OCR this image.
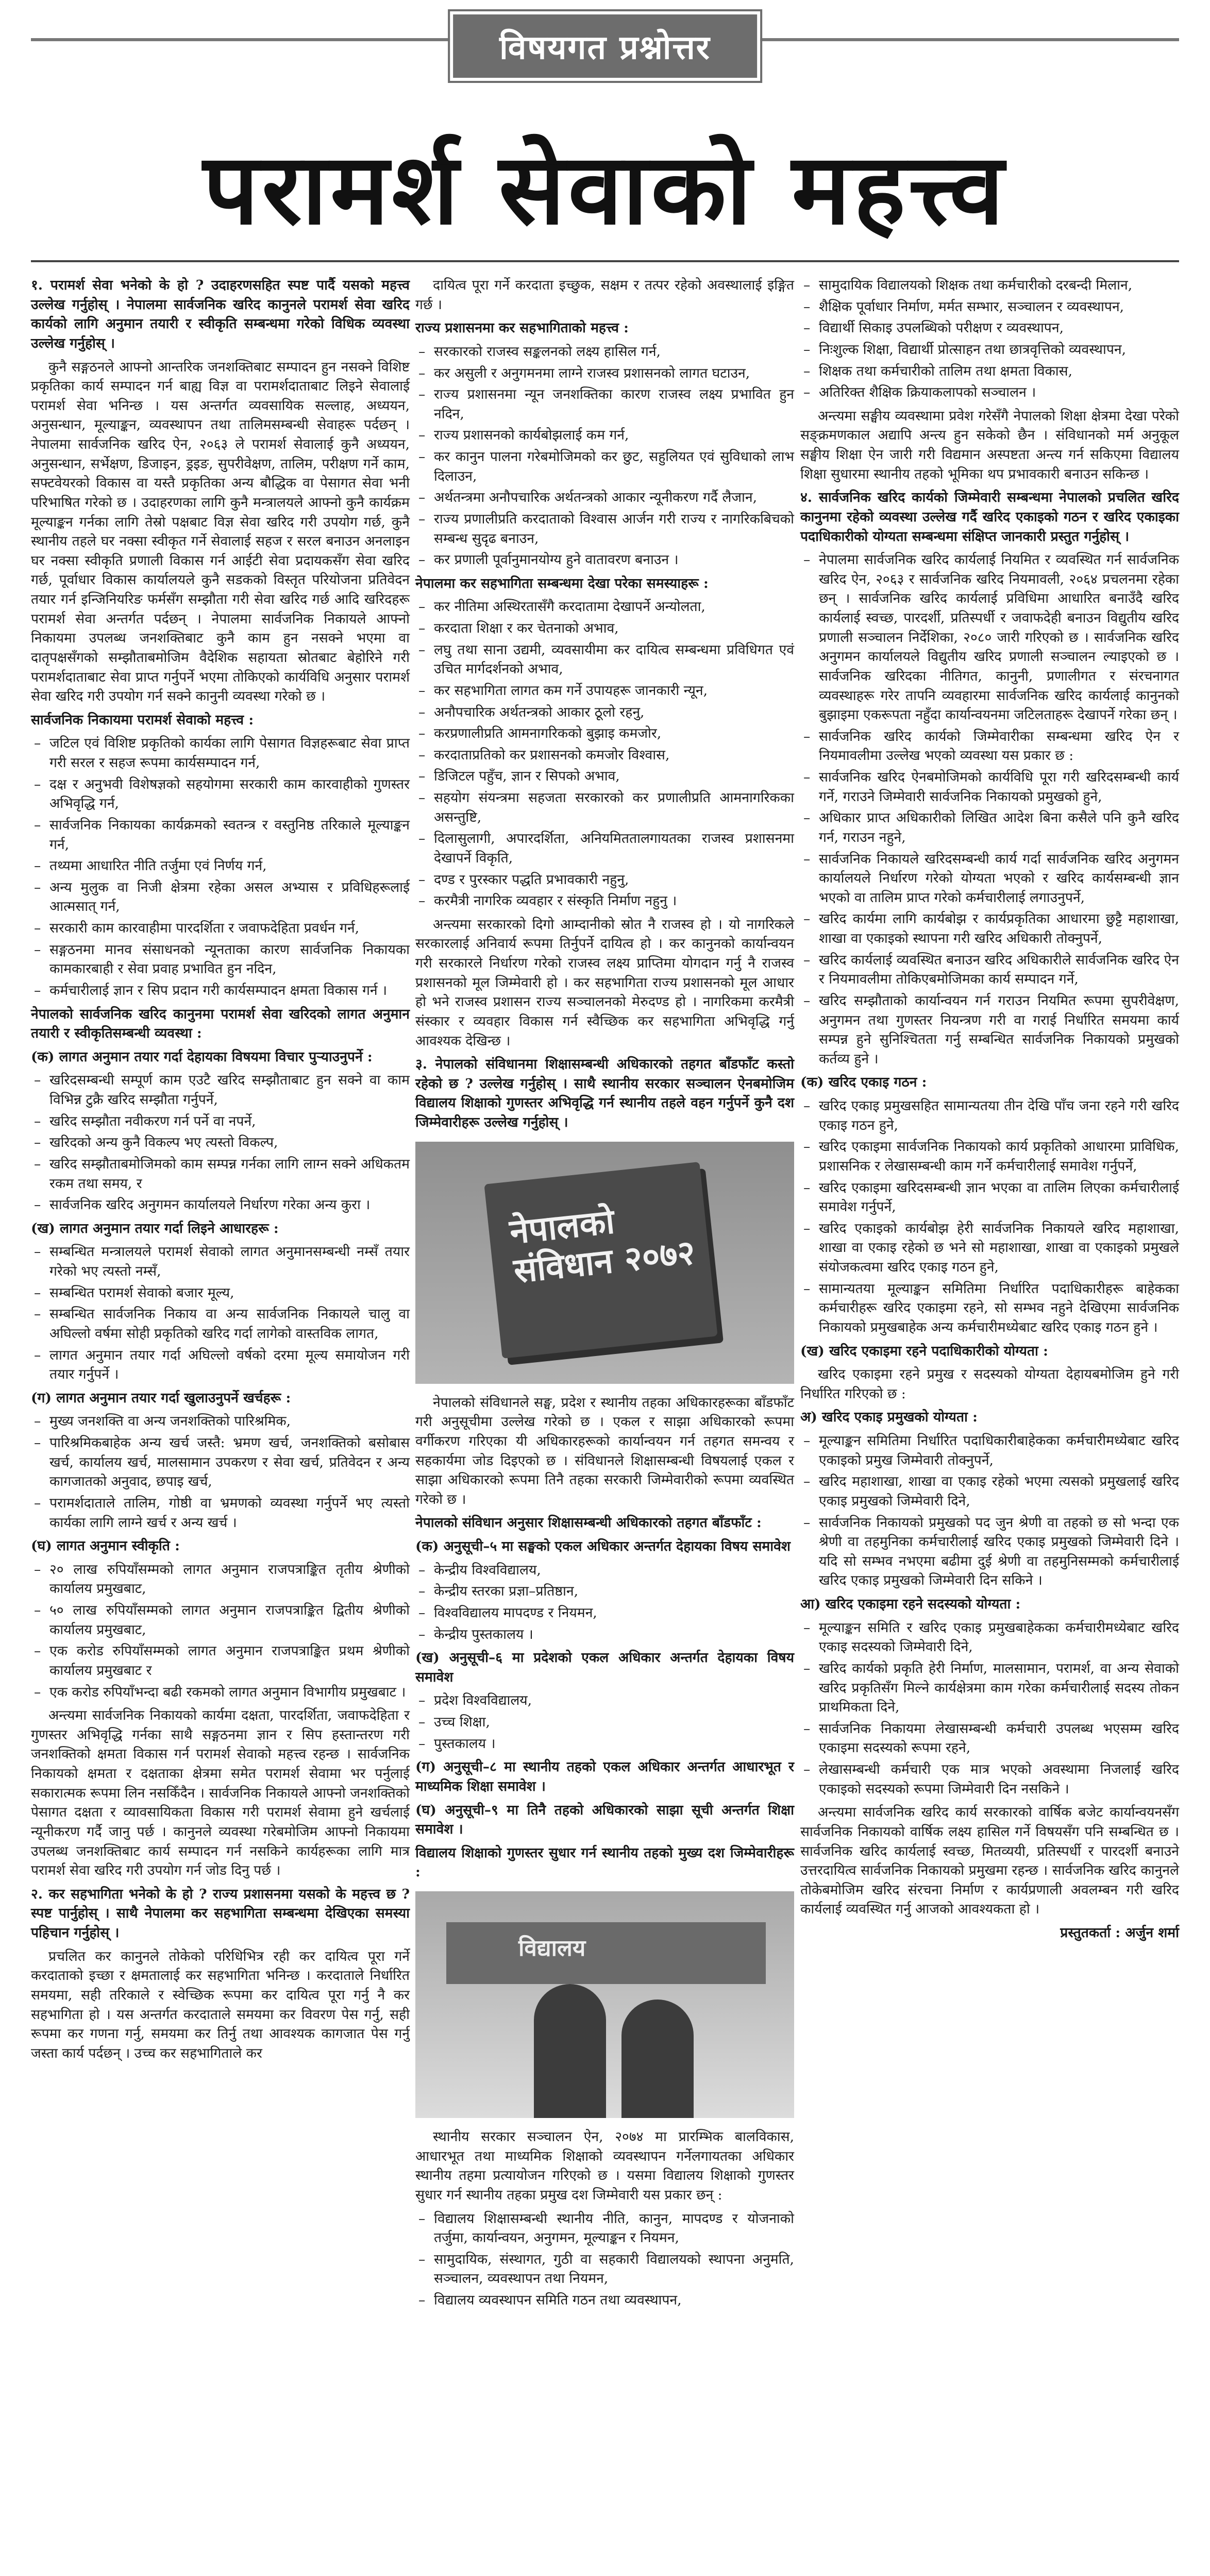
विषयगत प्रश्नोत्तर
परामर्श सेवाको महत्त्व

१. परामर्श सेवा भनेको के हो ? उदाहरणसहित स्पष्ट पार्दै यसको महत्त्व उल्लेख गर्नुहोस् । नेपालमा सार्वजनिक खरिद कानुनले परामर्श सेवा खरिद कार्यको लागि अनुमान तयारी र स्वीकृति सम्बन्धमा गरेको विधिक व्यवस्था उल्लेख गर्नुहोस् ।

कुनै सङ्गठनले आफ्नो आन्तरिक जनशक्तिबाट सम्पादन हुन नसक्ने विशिष्ट प्रकृतिका कार्य सम्पादन गर्न बाह्य विज्ञ वा परामर्शदाताबाट लिइने सेवालाई परामर्श सेवा भनिन्छ । यस अन्तर्गत व्यवसायिक सल्लाह, अध्ययन, अनुसन्धान, मूल्याङ्कन, व्यवस्थापन तथा तालिमसम्बन्धी सेवाहरू पर्दछन् । नेपालमा सार्वजनिक खरिद ऐन, २०६३ ले परामर्श सेवालाई कुनै अध्ययन, अनुसन्धान, सर्भेक्षण, डिजाइन, ड्रइङ, सुपरीवेक्षण, तालिम, परीक्षण गर्ने काम, सफ्टवेयरको विकास वा यस्तै प्रकृतिका अन्य बौद्धिक वा पेसागत सेवा भनी परिभाषित गरेको छ । उदाहरणका लागि कुनै मन्त्रालयले आफ्नो कुनै कार्यक्रम मूल्याङ्कन गर्नका लागि तेस्रो पक्षबाट विज्ञ सेवा खरिद गरी उपयोग गर्छ, कुनै स्थानीय तहले घर नक्सा स्वीकृत गर्ने सेवालाई सहज र सरल बनाउन अनलाइन घर नक्सा स्वीकृति प्रणाली विकास गर्न आईटी सेवा प्रदायकसँग सेवा खरिद गर्छ, पूर्वाधार विकास कार्यालयले कुनै सडकको विस्तृत परियोजना प्रतिवेदन तयार गर्न इन्जिनियरिङ फर्मसँग सम्झौता गरी सेवा खरिद गर्छ आदि खरिदहरू परामर्श सेवा अन्तर्गत पर्दछन् । नेपालमा सार्वजनिक निकायले आफ्नो निकायमा उपलब्ध जनशक्तिबाट कुनै काम हुन नसक्ने भएमा वा दातृपक्षसँगको सम्झौताबमोजिम वैदेशिक सहायता स्रोतबाट बेहोरिने गरी परामर्शदाताबाट सेवा प्राप्त गर्नुपर्ने भएमा तोकिएको कार्यविधि अनुसार परामर्श सेवा खरिद गरी उपयोग गर्न सक्ने कानुनी व्यवस्था गरेको छ ।

सार्वजनिक निकायमा परामर्श सेवाको महत्त्व :

– जटिल एवं विशिष्ट प्रकृतिको कार्यका लागि पेसागत विज्ञहरूबाट सेवा प्राप्त गरी सरल र सहज रूपमा कार्यसम्पादन गर्न,
– दक्ष र अनुभवी विशेषज्ञको सहयोगमा सरकारी काम कारवाहीको गुणस्तर अभिवृद्धि गर्न,
– सार्वजनिक निकायका कार्यक्रमको स्वतन्त्र र वस्तुनिष्ठ तरिकाले मूल्याङ्कन गर्न,
– तथ्यमा आधारित नीति तर्जुमा एवं निर्णय गर्न,
– अन्य मुलुक वा निजी क्षेत्रमा रहेका असल अभ्यास र प्रविधिहरूलाई आत्मसात् गर्न,
– सरकारी काम कारवाहीमा पारदर्शिता र जवाफदेहिता प्रवर्धन गर्न,
– सङ्गठनमा मानव संसाधनको न्यूनताका कारण सार्वजनिक निकायका कामकारबाही र सेवा प्रवाह प्रभावित हुन नदिन,
– कर्मचारीलाई ज्ञान र सिप प्रदान गरी कार्यसम्पादन क्षमता विकास गर्न ।

नेपालको सार्वजनिक खरिद कानुनमा परामर्श सेवा खरिदको लागत अनुमान तयारी र स्वीकृतिसम्बन्धी व्यवस्था :

(क) लागत अनुमान तयार गर्दा देहायका विषयमा विचार पुऱ्याउनुपर्ने :

– खरिदसम्बन्धी सम्पूर्ण काम एउटै खरिद सम्झौताबाट हुन सक्ने वा काम विभिन्न टुक्रै खरिद सम्झौता गर्नुपर्ने,
– खरिद सम्झौता नवीकरण गर्न पर्ने वा नपर्ने,
– खरिदको अन्य कुनै विकल्प भए त्यस्तो विकल्प,
– खरिद सम्झौताबमोजिमको काम सम्पन्न गर्नका लागि लाग्न सक्ने अधिकतम रकम तथा समय, र
– सार्वजनिक खरिद अनुगमन कार्यालयले निर्धारण गरेका अन्य कुरा ।

(ख) लागत अनुमान तयार गर्दा लिइने आधारहरू :

– सम्बन्धित मन्त्रालयले परामर्श सेवाको लागत अनुमानसम्बन्धी नम्सँ तयार गरेको भए त्यस्तो नम्सँ,
– सम्बन्धित परामर्श सेवाको बजार मूल्य,
– सम्बन्धित सार्वजनिक निकाय वा अन्य सार्वजनिक निकायले चालु वा अघिल्लो वर्षमा सोही प्रकृतिको खरिद गर्दा लागेको वास्तविक लागत,
– लागत अनुमान तयार गर्दा अघिल्लो वर्षको दरमा मूल्य समायोजन गरी तयार गर्नुपर्ने ।

(ग) लागत अनुमान तयार गर्दा खुलाउनुपर्ने खर्चहरू :

– मुख्य जनशक्ति वा अन्य जनशक्तिको पारिश्रमिक,
– पारिश्रमिकबाहेक अन्य खर्च जस्तै: भ्रमण खर्च, जनशक्तिको बसोबास खर्च, कार्यालय खर्च, मालसामान उपकरण र सेवा खर्च, प्रतिवेदन र अन्य कागजातको अनुवाद, छपाइ खर्च,
– परामर्शदाताले तालिम, गोष्ठी वा भ्रमणको व्यवस्था गर्नुपर्ने भए त्यस्तो कार्यका लागि लाग्ने खर्च र अन्य खर्च ।

(घ) लागत अनुमान स्वीकृति :

– २० लाख रुपियाँसम्मको लागत अनुमान राजपत्राङ्कित तृतीय श्रेणीको कार्यालय प्रमुखबाट,
– ५० लाख रुपियाँसम्मको लागत अनुमान राजपत्राङ्कित द्वितीय श्रेणीको कार्यालय प्रमुखबाट,
– एक करोड रुपियाँसम्मको लागत अनुमान राजपत्राङ्कित प्रथम श्रेणीको कार्यालय प्रमुखबाट र
– एक करोड रुपियाँभन्दा बढी रकमको लागत अनुमान विभागीय प्रमुखबाट ।

अन्त्यमा सार्वजनिक निकायको कार्यमा दक्षता, पारदर्शिता, जवाफदेहिता र गुणस्तर अभिवृद्धि गर्नका साथै सङ्गठनमा ज्ञान र सिप हस्तान्तरण गरी जनशक्तिको क्षमता विकास गर्न परामर्श सेवाको महत्त्व रहन्छ । सार्वजनिक निकायको क्षमता र दक्षताका क्षेत्रमा समेत परामर्श सेवामा भर पर्नुलाई सकारात्मक रूपमा लिन नसकिँदैन । सार्वजनिक निकायले आफ्नो जनशक्तिको पेसागत दक्षता र व्यावसायिकता विकास गरी परामर्श सेवामा हुने खर्चलाई न्यूनीकरण गर्दै जानु पर्छ । कानुनले व्यवस्था गरेबमोजिम आफ्नो निकायमा उपलब्ध जनशक्तिबाट कार्य सम्पादन गर्न नसकिने कार्यहरूका लागि मात्र परामर्श सेवा खरिद गरी उपयोग गर्न जोड दिनु पर्छ ।

२. कर सहभागिता भनेको के हो ? राज्य प्रशासनमा यसको के महत्त्व छ ? स्पष्ट पार्नुहोस् । साथै नेपालमा कर सहभागिता सम्बन्धमा देखिएका समस्या पहिचान गर्नुहोस् ।

प्रचलित कर कानुनले तोकेको परिधिभित्र रही कर दायित्व पूरा गर्ने करदाताको इच्छा र क्षमतालाई कर सहभागिता भनिन्छ । करदाताले निर्धारित समयमा, सही तरिकाले र स्वेच्छिक रूपमा कर दायित्व पूरा गर्नु नै कर सहभागिता हो । यस अन्तर्गत करदाताले समयमा कर विवरण पेस गर्नु, सही रूपमा कर गणना गर्नु, समयमा कर तिर्नु तथा आवश्यक कागजात पेस गर्नु जस्ता कार्य पर्दछन् । उच्च कर सहभागिताले कर

दायित्व पूरा गर्ने करदाता इच्छुक, सक्षम र तत्पर रहेको अवस्थालाई इङ्गित गर्छ ।

राज्य प्रशासनमा कर सहभागिताको महत्त्व :

– सरकारको राजस्व सङ्कलनको लक्ष्य हासिल गर्न,
– कर असुली र अनुगमनमा लाग्ने राजस्व प्रशासनको लागत घटाउन,
– राज्य प्रशासनमा न्यून जनशक्तिका कारण राजस्व लक्ष्य प्रभावित हुन नदिन,
– राज्य प्रशासनको कार्यबोझलाई कम गर्न,
– कर कानुन पालना गरेबमोजिमको कर छुट, सहुलियत एवं सुविधाको लाभ दिलाउन,
– अर्थतन्त्रमा अनौपचारिक अर्थतन्त्रको आकार न्यूनीकरण गर्दै लैजान,
– राज्य प्रणालीप्रति करदाताको विश्वास आर्जन गरी राज्य र नागरिकबिचको सम्बन्ध सुदृढ बनाउन,
– कर प्रणाली पूर्वानुमानयोग्य हुने वातावरण बनाउन ।

नेपालमा कर सहभागिता सम्बन्धमा देखा परेका समस्याहरू :

– कर नीतिमा अस्थिरतासँगै करदातामा देखापर्ने अन्योलता,
– करदाता शिक्षा र कर चेतनाको अभाव,
– लघु तथा साना उद्यमी, व्यवसायीमा कर दायित्व सम्बन्धमा प्रविधिगत एवं उचित मार्गदर्शनको अभाव,
– कर सहभागिता लागत कम गर्ने उपायहरू जानकारी न्यून,
– अनौपचारिक अर्थतन्त्रको आकार ठूलो रहनु,
– करप्रणालीप्रति आमनागरिकको बुझाइ कमजोर,
– करदाताप्रतिको कर प्रशासनको कमजोर विश्वास,
– डिजिटल पहुँच, ज्ञान र सिपको अभाव,
– सहयोग संयन्त्रमा सहजता सरकारको कर प्रणालीप्रति आमनागरिकका असन्तुष्टि,
– दिलासुलागी, अपारदर्शिता, अनियमिततालगायतका राजस्व प्रशासनमा देखापर्ने विकृति,
– दण्ड र पुरस्कार पद्धति प्रभावकारी नहुनु,
– करमैत्री नागरिक व्यवहार र संस्कृति निर्माण नहुनु ।

अन्त्यमा सरकारको दिगो आम्दानीको स्रोत नै राजस्व हो । यो नागरिकले सरकारलाई अनिवार्य रूपमा तिर्नुपर्ने दायित्व हो । कर कानुनको कार्यान्वयन गरी सरकारले निर्धारण गरेको राजस्व लक्ष्य प्राप्तिमा योगदान गर्नु नै राजस्व प्रशासनको मूल जिम्मेवारी हो । कर सहभागिता राज्य प्रशासनको मूल आधार हो भने राजस्व प्रशासन राज्य सञ्चालनको मेरुदण्ड हो । नागरिकमा करमैत्री संस्कार र व्यवहार विकास गर्न स्वैच्छिक कर सहभागिता अभिवृद्धि गर्नु आवश्यक देखिन्छ ।

३. नेपालको संविधानमा शिक्षासम्बन्धी अधिकारको तहगत बाँडफाँट कस्तो रहेको छ ? उल्लेख गर्नुहोस् । साथै स्थानीय सरकार सञ्चालन ऐनबमोजिम विद्यालय शिक्षाको गुणस्तर अभिवृद्धि गर्न स्थानीय तहले वहन गर्नुपर्ने कुनै दश जिम्मेवारीहरू उल्लेख गर्नुहोस् ।

नेपालको संविधान २०७२

नेपालको संविधानले सङ्घ, प्रदेश र स्थानीय तहका अधिकारहरूका बाँडफाँट गरी अनुसूचीमा उल्लेख गरेको छ । एकल र साझा अधिकारको रूपमा वर्गीकरण गरिएका यी अधिकारहरूको कार्यान्वयन गर्न तहगत समन्वय र सहकार्यमा जोड दिइएको छ । संविधानले शिक्षासम्बन्धी विषयलाई एकल र साझा अधिकारको रूपमा तिनै तहका सरकारी जिम्मेवारीको रूपमा व्यवस्थित गरेको छ ।

नेपालको संविधान अनुसार शिक्षासम्बन्धी अधिकारको तहगत बाँडफाँट :

(क) अनुसूची–५ मा सङ्घको एकल अधिकार अन्तर्गत देहायका विषय समावेश

– केन्द्रीय विश्वविद्यालय,
– केन्द्रीय स्तरका प्रज्ञा–प्रतिष्ठान,
– विश्वविद्यालय मापदण्ड र नियमन,
– केन्द्रीय पुस्तकालय ।

(ख) अनुसूची–६ मा प्रदेशको एकल अधिकार अन्तर्गत देहायका विषय समावेश

– प्रदेश विश्वविद्यालय,
– उच्च शिक्षा,
– पुस्तकालय ।

(ग) अनुसूची–८ मा स्थानीय तहको एकल अधिकार अन्तर्गत आधारभूत र माध्यमिक शिक्षा समावेश ।

(घ) अनुसूची–९ मा तिनै तहको अधिकारको साझा सूची अन्तर्गत शिक्षा समावेश ।

विद्यालय शिक्षाको गुणस्तर सुधार गर्न स्थानीय तहको मुख्य दश जिम्मेवारीहरू :

विद्यालय

स्थानीय सरकार सञ्चालन ऐन, २०७४ मा प्रारम्भिक बालविकास, आधारभूत तथा माध्यमिक शिक्षाको व्यवस्थापन गर्नेलगायतका अधिकार स्थानीय तहमा प्रत्यायोजन गरिएको छ । यसमा विद्यालय शिक्षाको गुणस्तर सुधार गर्न स्थानीय तहका प्रमुख दश जिम्मेवारी यस प्रकार छन् :

– विद्यालय शिक्षासम्बन्धी स्थानीय नीति, कानुन, मापदण्ड र योजनाको तर्जुमा, कार्यान्वयन, अनुगमन, मूल्याङ्कन र नियमन,
– सामुदायिक, संस्थागत, गुठी वा सहकारी विद्यालयको स्थापना अनुमति, सञ्चालन, व्यवस्थापन तथा नियमन,
– विद्यालय व्यवस्थापन समिति गठन तथा व्यवस्थापन,
– सामुदायिक विद्यालयको शिक्षक तथा कर्मचारीको दरबन्दी मिलान,
– शैक्षिक पूर्वाधार निर्माण, मर्मत सम्भार, सञ्चालन र व्यवस्थापन,
– विद्यार्थी सिकाइ उपलब्धिको परीक्षण र व्यवस्थापन,
– निःशुल्क शिक्षा, विद्यार्थी प्रोत्साहन तथा छात्रवृत्तिको व्यवस्थापन,
– शिक्षक तथा कर्मचारीको तालिम तथा क्षमता विकास,
– अतिरिक्त शैक्षिक क्रियाकलापको सञ्चालन ।

अन्त्यमा सङ्घीय व्यवस्थामा प्रवेश गरेसँगै नेपालको शिक्षा क्षेत्रमा देखा परेको सङ्क्रमणकाल अद्यापि अन्त्य हुन सकेको छैन । संविधानको मर्म अनुकूल सङ्घीय शिक्षा ऐन जारी गरी विद्यमान अस्पष्टता अन्त्य गर्न सकिएमा विद्यालय शिक्षा सुधारमा स्थानीय तहको भूमिका थप प्रभावकारी बनाउन सकिन्छ ।

४. सार्वजनिक खरिद कार्यको जिम्मेवारी सम्बन्धमा नेपालको प्रचलित खरिद कानुनमा रहेको व्यवस्था उल्लेख गर्दै खरिद एकाइको गठन र खरिद एकाइका पदाधिकारीको योग्यता सम्बन्धमा संक्षिप्त जानकारी प्रस्तुत गर्नुहोस् ।

– नेपालमा सार्वजनिक खरिद कार्यलाई नियमित र व्यवस्थित गर्न सार्वजनिक खरिद ऐन, २०६३ र सार्वजनिक खरिद नियमावली, २०६४ प्रचलनमा रहेका छन् । सार्वजनिक खरिद कार्यलाई प्रविधिमा आधारित बनाउँदै खरिद कार्यलाई स्वच्छ, पारदर्शी, प्रतिस्पर्धी र जवाफदेही बनाउन विद्युतीय खरिद प्रणाली सञ्चालन निर्देशिका, २०८० जारी गरिएको छ । सार्वजनिक खरिद अनुगमन कार्यालयले विद्युतीय खरिद प्रणाली सञ्चालन ल्याइएको छ । सार्वजनिक खरिदका नीतिगत, कानुनी, प्रणालीगत र संरचनागत व्यवस्थाहरू गरेर तापनि व्यवहारमा सार्वजनिक खरिद कार्यलाई कानुनको बुझाइमा एकरूपता नहुँदा कार्यान्वयनमा जटिलताहरू देखापर्ने गरेका छन् ।
– सार्वजनिक खरिद कार्यको जिम्मेवारीका सम्बन्धमा खरिद ऐन र नियमावलीमा उल्लेख भएको व्यवस्था यस प्रकार छ :
– सार्वजनिक खरिद ऐनबमोजिमको कार्यविधि पूरा गरी खरिदसम्बन्धी कार्य गर्ने, गराउने जिम्मेवारी सार्वजनिक निकायको प्रमुखको हुने,
– अधिकार प्राप्त अधिकारीको लिखित आदेश बिना कसैले पनि कुनै खरिद गर्न, गराउन नहुने,
– सार्वजनिक निकायले खरिदसम्बन्धी कार्य गर्दा सार्वजनिक खरिद अनुगमन कार्यालयले निर्धारण गरेको योग्यता भएको र खरिद कार्यसम्बन्धी ज्ञान भएको वा तालिम प्राप्त गरेको कर्मचारीलाई लगाउनुपर्ने,
– खरिद कार्यमा लागि कार्यबोझ र कार्यप्रकृतिका आधारमा छुट्टै महाशाखा, शाखा वा एकाइको स्थापना गरी खरिद अधिकारी तोक्नुपर्ने,
– खरिद कार्यलाई व्यवस्थित बनाउन खरिद अधिकारीले सार्वजनिक खरिद ऐन र नियमावलीमा तोकिएबमोजिमका कार्य सम्पादन गर्ने,
– खरिद सम्झौताको कार्यान्वयन गर्न गराउन नियमित रूपमा सुपरीवेक्षण, अनुगमन तथा गुणस्तर नियन्त्रण गरी वा गराई निर्धारित समयमा कार्य सम्पन्न हुने सुनिश्चितता गर्नु सम्बन्धित सार्वजनिक निकायको प्रमुखको कर्तव्य हुने ।

(क) खरिद एकाइ गठन :

– खरिद एकाइ प्रमुखसहित सामान्यतया तीन देखि पाँच जना रहने गरी खरिद एकाइ गठन हुने,
– खरिद एकाइमा सार्वजनिक निकायको कार्य प्रकृतिको आधारमा प्राविधिक, प्रशासनिक र लेखासम्बन्धी काम गर्ने कर्मचारीलाई समावेश गर्नुपर्ने,
– खरिद एकाइमा खरिदसम्बन्धी ज्ञान भएका वा तालिम लिएका कर्मचारीलाई समावेश गर्नुपर्ने,
– खरिद एकाइको कार्यबोझ हेरी सार्वजनिक निकायले खरिद महाशाखा, शाखा वा एकाइ रहेको छ भने सो महाशाखा, शाखा वा एकाइको प्रमुखले संयोजकत्वमा खरिद एकाइ गठन हुने,
– सामान्यतया मूल्याङ्कन समितिमा निर्धारित पदाधिकारीहरू बाहेकका कर्मचारीहरू खरिद एकाइमा रहने, सो सम्भव नहुने देखिएमा सार्वजनिक निकायको प्रमुखबाहेक अन्य कर्मचारीमध्येबाट खरिद एकाइ गठन हुने ।

(ख) खरिद एकाइमा रहने पदाधिकारीको योग्यता :

खरिद एकाइमा रहने प्रमुख र सदस्यको योग्यता देहायबमोजिम हुने गरी निर्धारित गरिएको छ :

अ) खरिद एकाइ प्रमुखको योग्यता :

– मूल्याङ्कन समितिमा निर्धारित पदाधिकारीबाहेकका कर्मचारीमध्येबाट खरिद एकाइको प्रमुख जिम्मेवारी तोक्नुपर्ने,
– खरिद महाशाखा, शाखा वा एकाइ रहेको भएमा त्यसको प्रमुखलाई खरिद एकाइ प्रमुखको जिम्मेवारी दिने,
– सार्वजनिक निकायको प्रमुखको पद जुन श्रेणी वा तहको छ सो भन्दा एक श्रेणी वा तहमुनिका कर्मचारीलाई खरिद एकाइ प्रमुखको जिम्मेवारी दिने । यदि सो सम्भव नभएमा बढीमा दुई श्रेणी वा तहमुनिसम्मको कर्मचारीलाई खरिद एकाइ प्रमुखको जिम्मेवारी दिन सकिने ।

आ) खरिद एकाइमा रहने सदस्यको योग्यता :

– मूल्याङ्कन समिति र खरिद एकाइ प्रमुखबाहेकका कर्मचारीमध्येबाट खरिद एकाइ सदस्यको जिम्मेवारी दिने,
– खरिद कार्यको प्रकृति हेरी निर्माण, मालसामान, परामर्श, वा अन्य सेवाको खरिद प्रकृतिसँग मिल्ने कार्यक्षेत्रमा काम गरेका कर्मचारीलाई सदस्य तोकन प्राथमिकता दिने,
– सार्वजनिक निकायमा लेखासम्बन्धी कर्मचारी उपलब्ध भएसम्म खरिद एकाइमा सदस्यको रूपमा रहने,
– लेखासम्बन्धी कर्मचारी एक मात्र भएको अवस्थामा निजलाई खरिद एकाइको सदस्यको रूपमा जिम्मेवारी दिन नसकिने ।

अन्त्यमा सार्वजनिक खरिद कार्य सरकारको वार्षिक बजेट कार्यान्वयनसँग सार्वजनिक निकायको वार्षिक लक्ष्य हासिल गर्ने विषयसँग पनि सम्बन्धित छ । सार्वजनिक खरिद कार्यलाई स्वच्छ, मितव्ययी, प्रतिस्पर्धी र पारदर्शी बनाउने उत्तरदायित्व सार्वजनिक निकायको प्रमुखमा रहन्छ । सार्वजनिक खरिद कानुनले तोकेबमोजिम खरिद संरचना निर्माण र कार्यप्रणाली अवलम्बन गरी खरिद कार्यलाई व्यवस्थित गर्नु आजको आवश्यकता हो ।

प्रस्तुतकर्ता : अर्जुन शर्मा
